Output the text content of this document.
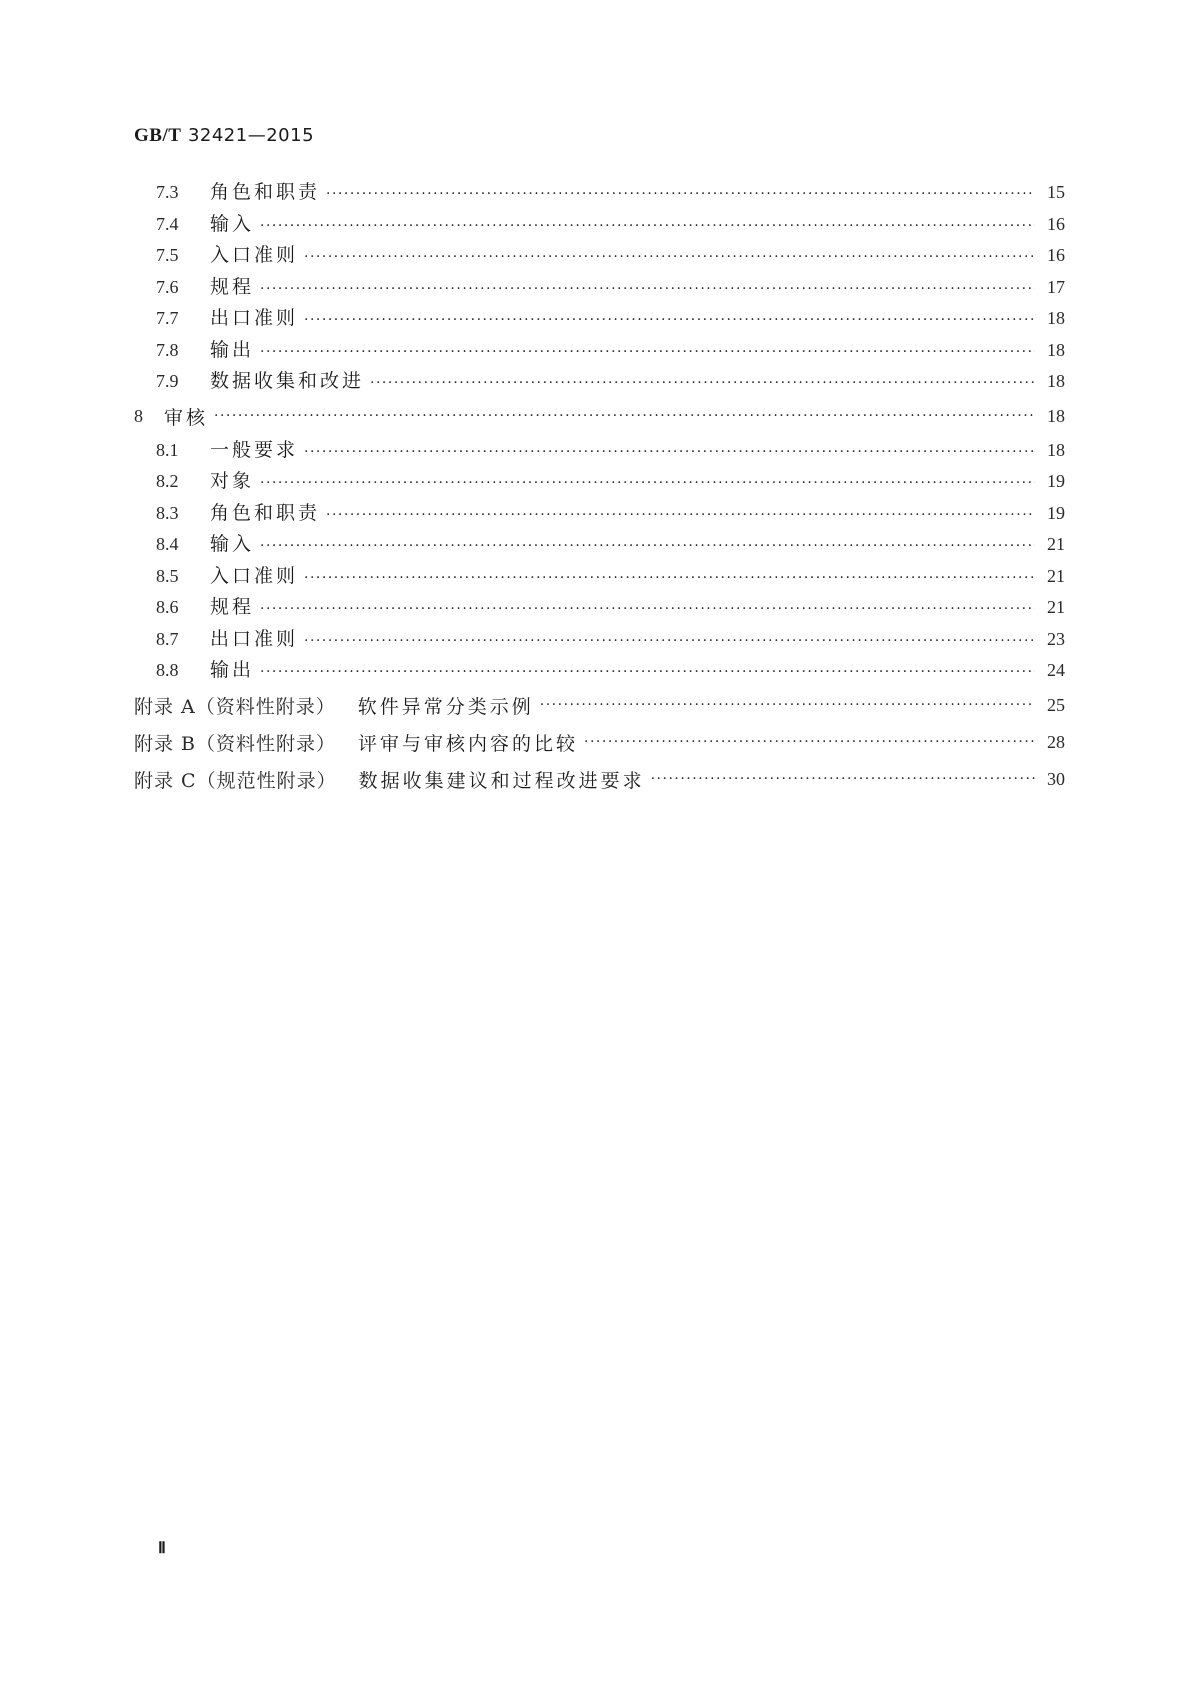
GB/T 32421—2015
7.3	角色和职责 ·····	15
7.4	输入 ·····	16
7.5	入口准则 ·····	16
7.6	规程 ·····	17
7.7	出口准则 ·····	18
7.8	输出 ·····	18
7.9	数据收集和改进 ·····	18
8	审核 ·····	18
8.1	一般要求 ·····	18
8.2	对象 ·····	19
8.3	角色和职责 ·····	19
8.4	输入 ·····	21
8.5	入口准则 ·····	21
8.6	规程 ·····	21
8.7	出口准则 ·····	23
8.8	输出 ·····	24
附录 A（资料性附录） 软件异常分类示例 ·····	25
附录 B（资料性附录） 评审与审核内容的比较 ·····	28
附录 C（规范性附录） 数据收集建议和过程改进要求 ·····	30
Ⅱ
